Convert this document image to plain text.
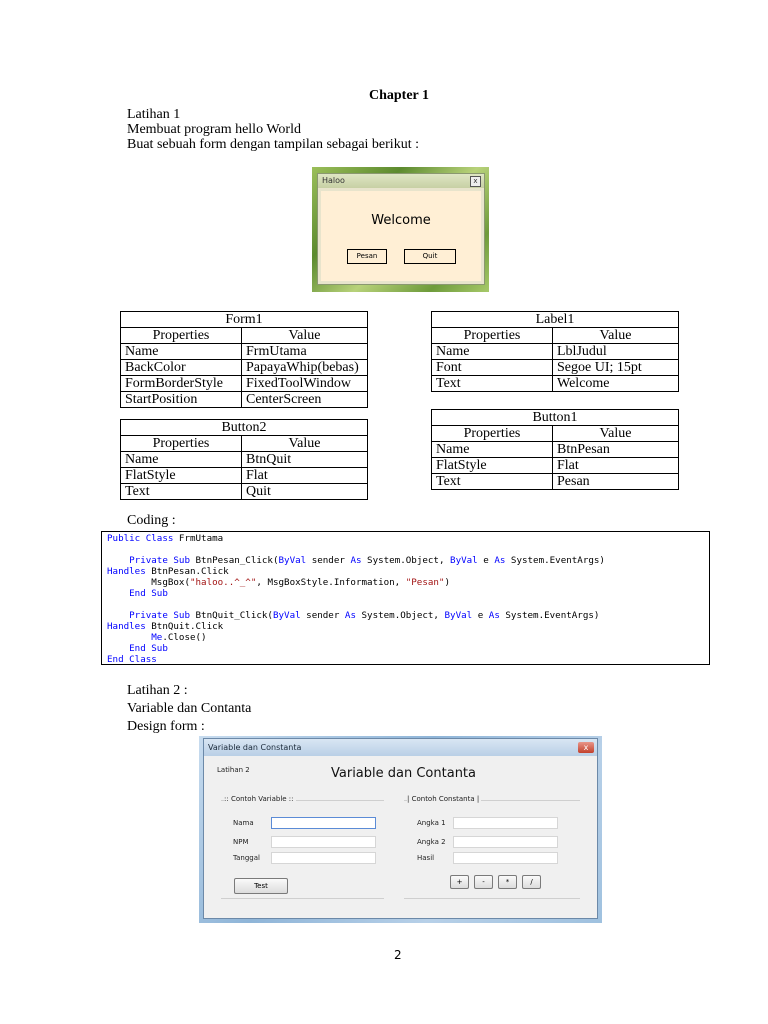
Chapter 1
Latihan 1
Membuat program hello World
Buat sebuah form dengan tampilan sebagai berikut :
Haloo	x
Welcome
Pesan	Quit
Form1	
Properties	Value
Name	FrmUtama
BackColor	PapayaWhip(bebas)
FormBorderStyle	FixedToolWindow
StartPosition	CenterScreen
Button2	
Properties	Value
Name	BtnQuit
FlatStyle	Flat
Text	Quit
Label1	
Properties	Value
Name	LblJudul
Font	Segoe UI; 15pt
Text	Welcome
Button1	
Properties	Value
Name	BtnPesan
FlatStyle	Flat
Text	Pesan
Coding :
Public Class FrmUtama

Private Sub BtnPesan_Click(ByVal sender As System.Object, ByVal e As System.EventArgs)
Handles BtnPesan.Click
MsgBox("haloo..^_^", MsgBoxStyle.Information, "Pesan")
End Sub

Private Sub BtnQuit_Click(ByVal sender As System.Object, ByVal e As System.EventArgs)
Handles BtnQuit.Click
Me.Close()
End Sub
End Class
Latihan 2 :
Variable dan Contanta
Design form :
Variable dan Constanta	x
Latihan 2	Variable dan Contanta
:: Contoh Variable ::	| Contoh Constanta |
Nama
NPM
Tanggal
Angka 1
Angka 2
Hasil
Test	+	-	*	/
2
